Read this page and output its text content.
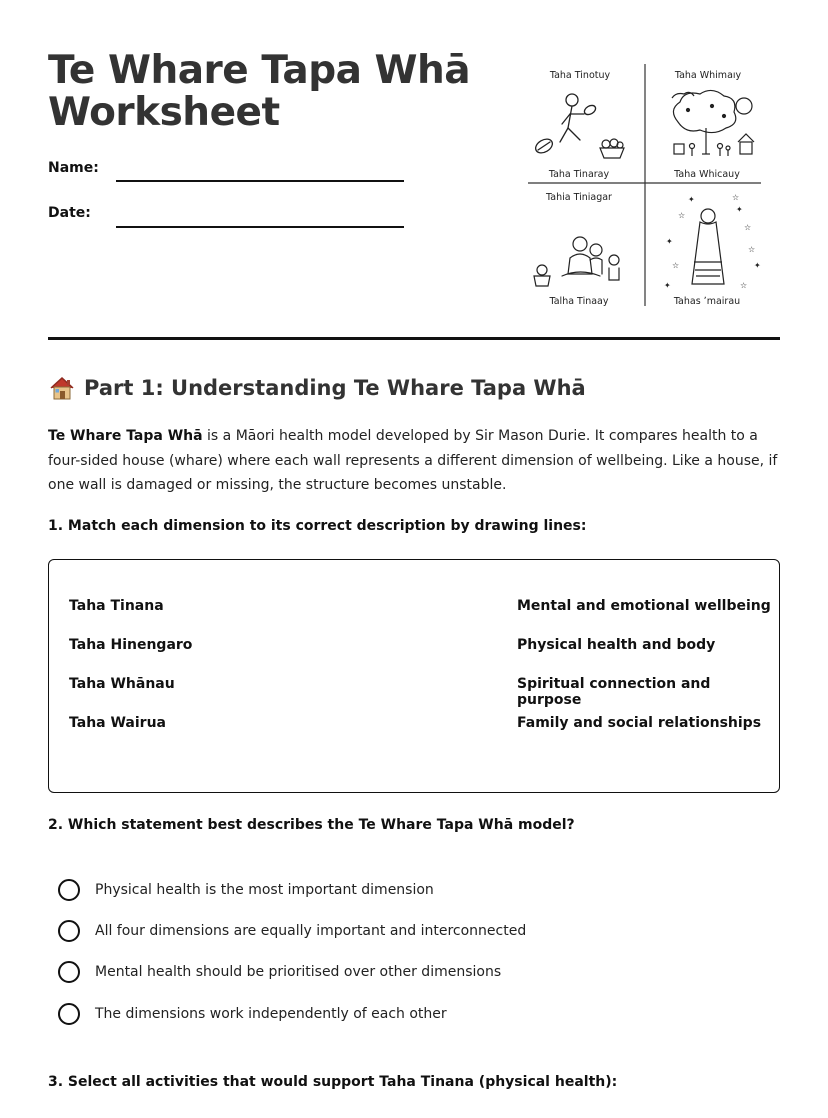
Te Whare Tapa Whā
Worksheet
Name:
Date:
Taha Tinotuy	Taha Whimaıy
Taha Tinaray	Taha Whicauy
Tahia Tiniagar
Talha Tinaay	Tahas ʼmairau
☆
✦
☆
✦
☆
☆	✦
✦	☆
✦	☆
Part 1: Understanding Te Whare Tapa Whā

Te Whare Tapa Whā is a Māori health model developed by Sir Mason Durie. It compares health to a four-sided house (whare) where each wall represents a different dimension of wellbeing. Like a house, if one wall is damaged or missing, the structure becomes unstable.

1. Match each dimension to its correct description by drawing lines:
Taha Tinana
Taha Hinengaro
Taha Whānau
Taha Wairua
Mental and emotional wellbeing
Physical health and body
Spiritual connection and purpose
Family and social relationships
2. Which statement best describes the Te Whare Tapa Whā model?
Physical health is the most important dimension
All four dimensions are equally important and interconnected
Mental health should be prioritised over other dimensions
The dimensions work independently of each other
3. Select all activities that would support Taha Tinana (physical health):
